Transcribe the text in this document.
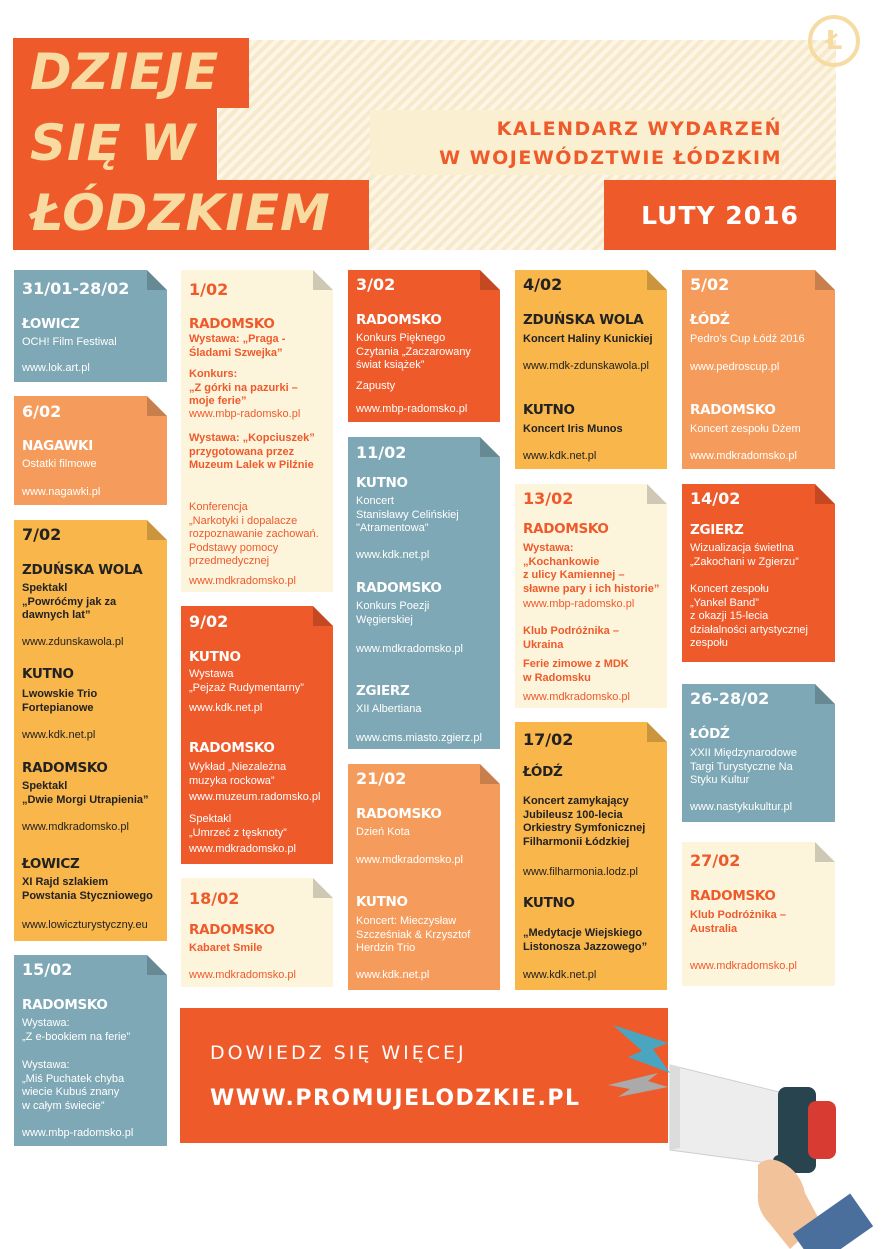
KALENDARZ WYDARZEŃ
W WOJEWÓDZTWIE ŁÓDZKIM
LUTY 2016
Ł
DZIEJE
SIĘ W
ŁÓDZKIEM
31/01-28/02
ŁOWICZ
OCH! Film Festiwal
www.lok.art.pl
6/02
NAGAWKI
Ostatki filmowe
www.nagawki.pl
7/02
ZDUŃSKA WOLA
Spektakl
„Powróćmy jak za
dawnych lat”
www.zdunskawola.pl
KUTNO
Lwowskie Trio
Fortepianowe
www.kdk.net.pl
RADOMSKO
Spektakl
„Dwie Morgi Utrapienia”
www.mdkradomsko.pl
ŁOWICZ
XI Rajd szlakiem
Powstania Styczniowego
www.lowiczturystyczny.eu
15/02
RADOMSKO
Wystawa:
„Z e-bookiem na ferie”
Wystawa:
„Miś Puchatek chyba
wiecie Kubuś znany
w całym świecie”
www.mbp-radomsko.pl
1/02
RADOMSKO
Wystawa: „Praga -
Śladami Szwejka”
Konkurs:
„Z górki na pazurki –
moje ferie”
www.mbp-radomsko.pl
Wystawa: „Kopciuszek”
przygotowana przez
Muzeum Lalek w Pilźnie
Konferencja
„Narkotyki i dopalacze
rozpoznawanie zachowań.
Podstawy pomocy
przedmedycznej
www.mdkradomsko.pl
9/02
KUTNO
Wystawa
„Pejzaż Rudymentarny”
www.kdk.net.pl
RADOMSKO
Wykład „Niezależna
muzyka rockowa”
www.muzeum.radomsko.pl
Spektakl
„Umrzeć z tęsknoty”
www.mdkradomsko.pl
18/02
RADOMSKO
Kabaret Smile
www.mdkradomsko.pl
3/02
RADOMSKO
Konkurs Pięknego
Czytania „Zaczarowany
świat książek”
Zapusty
www.mbp-radomsko.pl
11/02
KUTNO
Koncert
Stanisławy Celińskiej
"Atramentowa"
www.kdk.net.pl
RADOMSKO
Konkurs Poezji
Węgierskiej
www.mdkradomsko.pl
ZGIERZ
XII Albertiana
www.cms.miasto.zgierz.pl
21/02
RADOMSKO
Dzień Kota
www.mdkradomsko.pl
KUTNO
Koncert: Mieczysław
Szcześniak & Krzysztof
Herdzin Trio
www.kdk.net.pl
4/02
ZDUŃSKA WOLA
Koncert Haliny Kunickiej
www.mdk-zdunskawola.pl
KUTNO
Koncert Iris Munos
www.kdk.net.pl
13/02
RADOMSKO
Wystawa:
„Kochankowie
z ulicy Kamiennej –
sławne pary i ich historie”
www.mbp-radomsko.pl
Klub Podróżnika –
Ukraina
Ferie zimowe z MDK
w Radomsku
www.mdkradomsko.pl
17/02
ŁÓDŹ
Koncert zamykający
Jubileusz 100-lecia
Orkiestry Symfonicznej
Filharmonii Łódzkiej
www.filharmonia.lodz.pl
KUTNO
„Medytacje Wiejskiego
Listonosza Jazzowego”
www.kdk.net.pl
5/02
ŁÓDŹ
Pedro's Cup Łódź 2016
www.pedroscup.pl
RADOMSKO
Koncert zespołu Dżem
www.mdkradomsko.pl
14/02
ZGIERZ
Wizualizacja świetlna
„Zakochani w Zgierzu”
Koncert zespołu
„Yankel Band”
z okazji 15-lecia
działalności artystycznej
zespołu
26-28/02
ŁÓDŹ
XXII Międzynarodowe
Targi Turystyczne Na
Styku Kultur
www.nastykukultur.pl
27/02
RADOMSKO
Klub Podróżnika –
Australia
www.mdkradomsko.pl
DOWIEDZ SIĘ WIĘCEJ
WWW.PROMUJELODZKIE.PL
